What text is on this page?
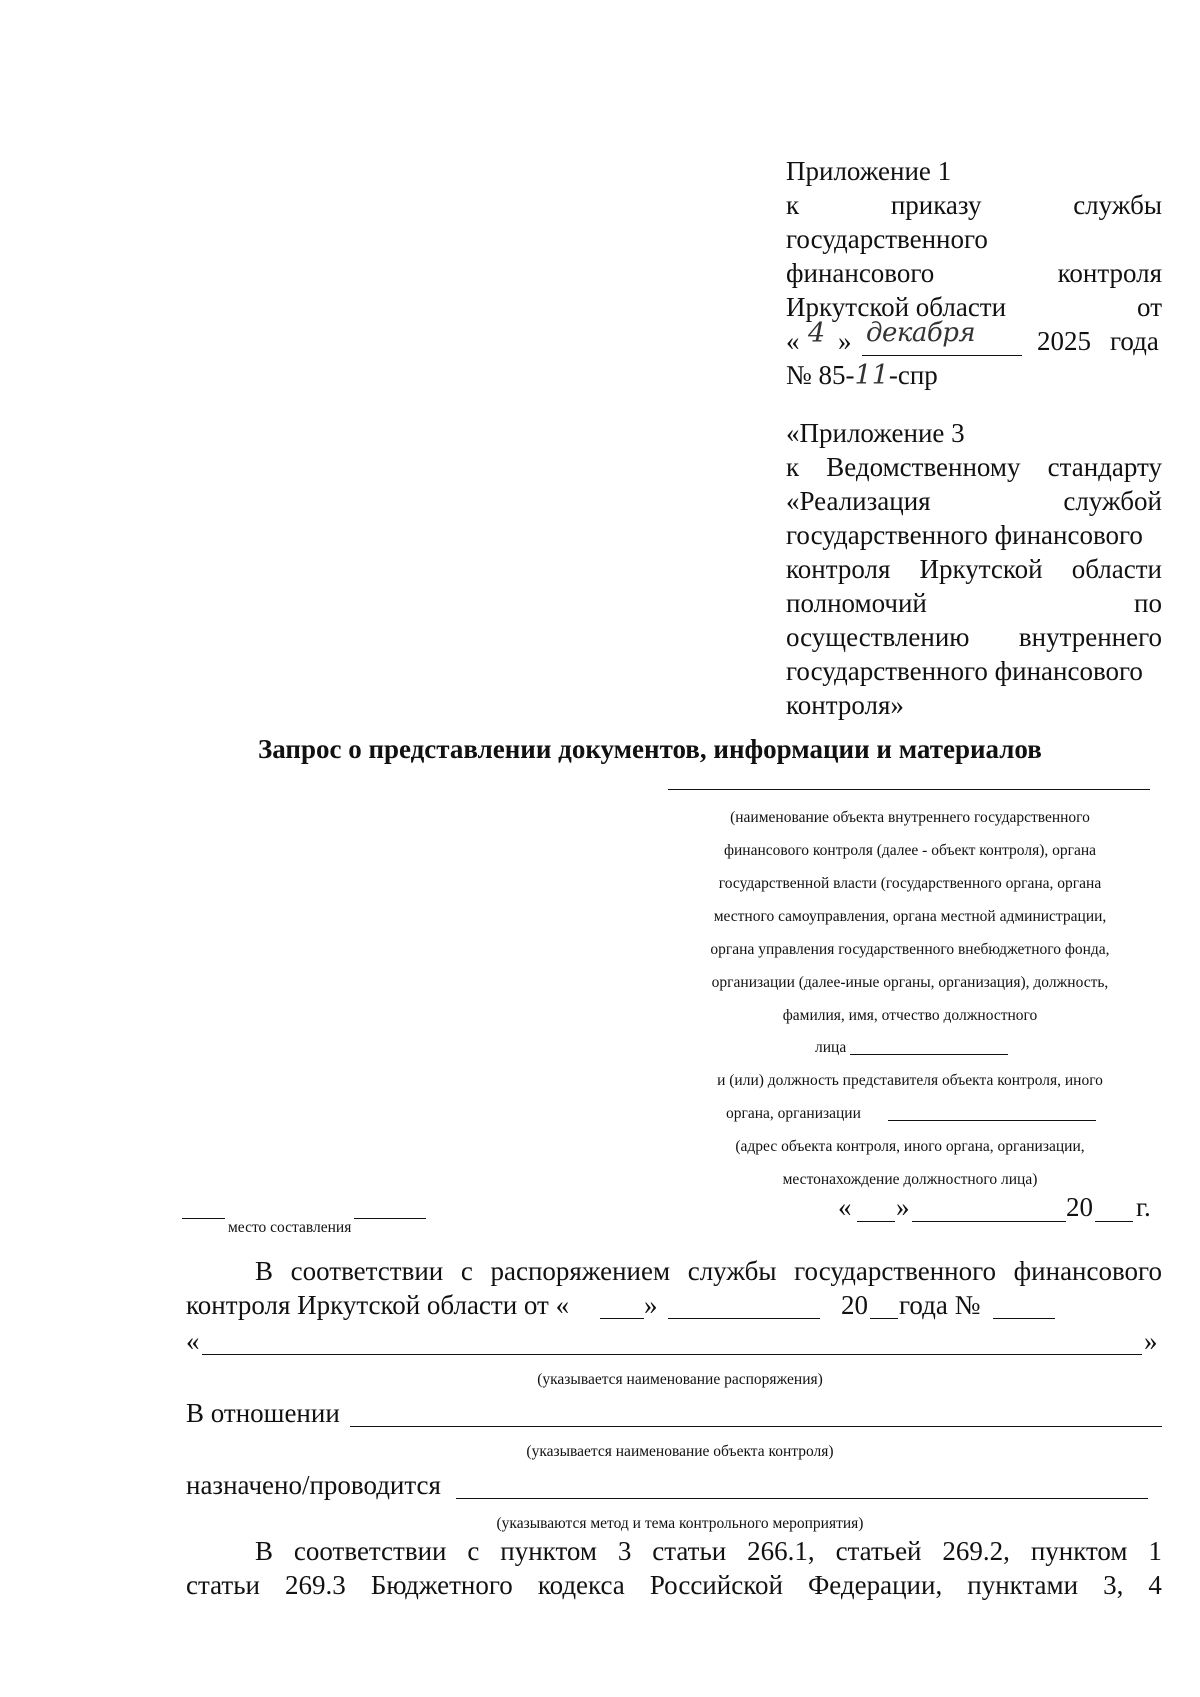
Приложение 1
к	приказу	службы
государственного
финансового	контроля
Иркутской области	от
« 4 » декабря 2025 года
№ 85-11-спр
«Приложение 3
к Ведомственному стандарту
«Реализация	службой
государственного финансового
контроля Иркутской области
полномочий	по
осуществлению внутреннего
государственного финансового
контроля»
Запрос о представлении документов, информации и материалов
(наименование объекта внутреннего государственного
финансового контроля (далее - объект контроля), органа
государственной власти (государственного органа, органа
местного самоуправления, органа местной администрации,
органа управления государственного внебюджетного фонда,
организации (далее-иные органы, организация), должность,
фамилия, имя, отчество должностного
лица
и (или) должность представителя объекта контроля, иного
органа, организации
(адрес объекта контроля, иного органа, организации,
местонахождение должностного лица)
место составления
« »	20 г.
В соответствии с распоряжением службы государственного финансового
контроля Иркутской области от «	»	20 года №
«	»
(указывается наименование распоряжения)
В отношении
(указывается наименование объекта контроля)
назначено/проводится
(указываются метод и тема контрольного мероприятия)
В соответствии с пунктом 3 статьи 266.1, статьей 269.2, пунктом 1
статьи 269.3 Бюджетного кодекса Российской Федерации, пунктами 3, 4
